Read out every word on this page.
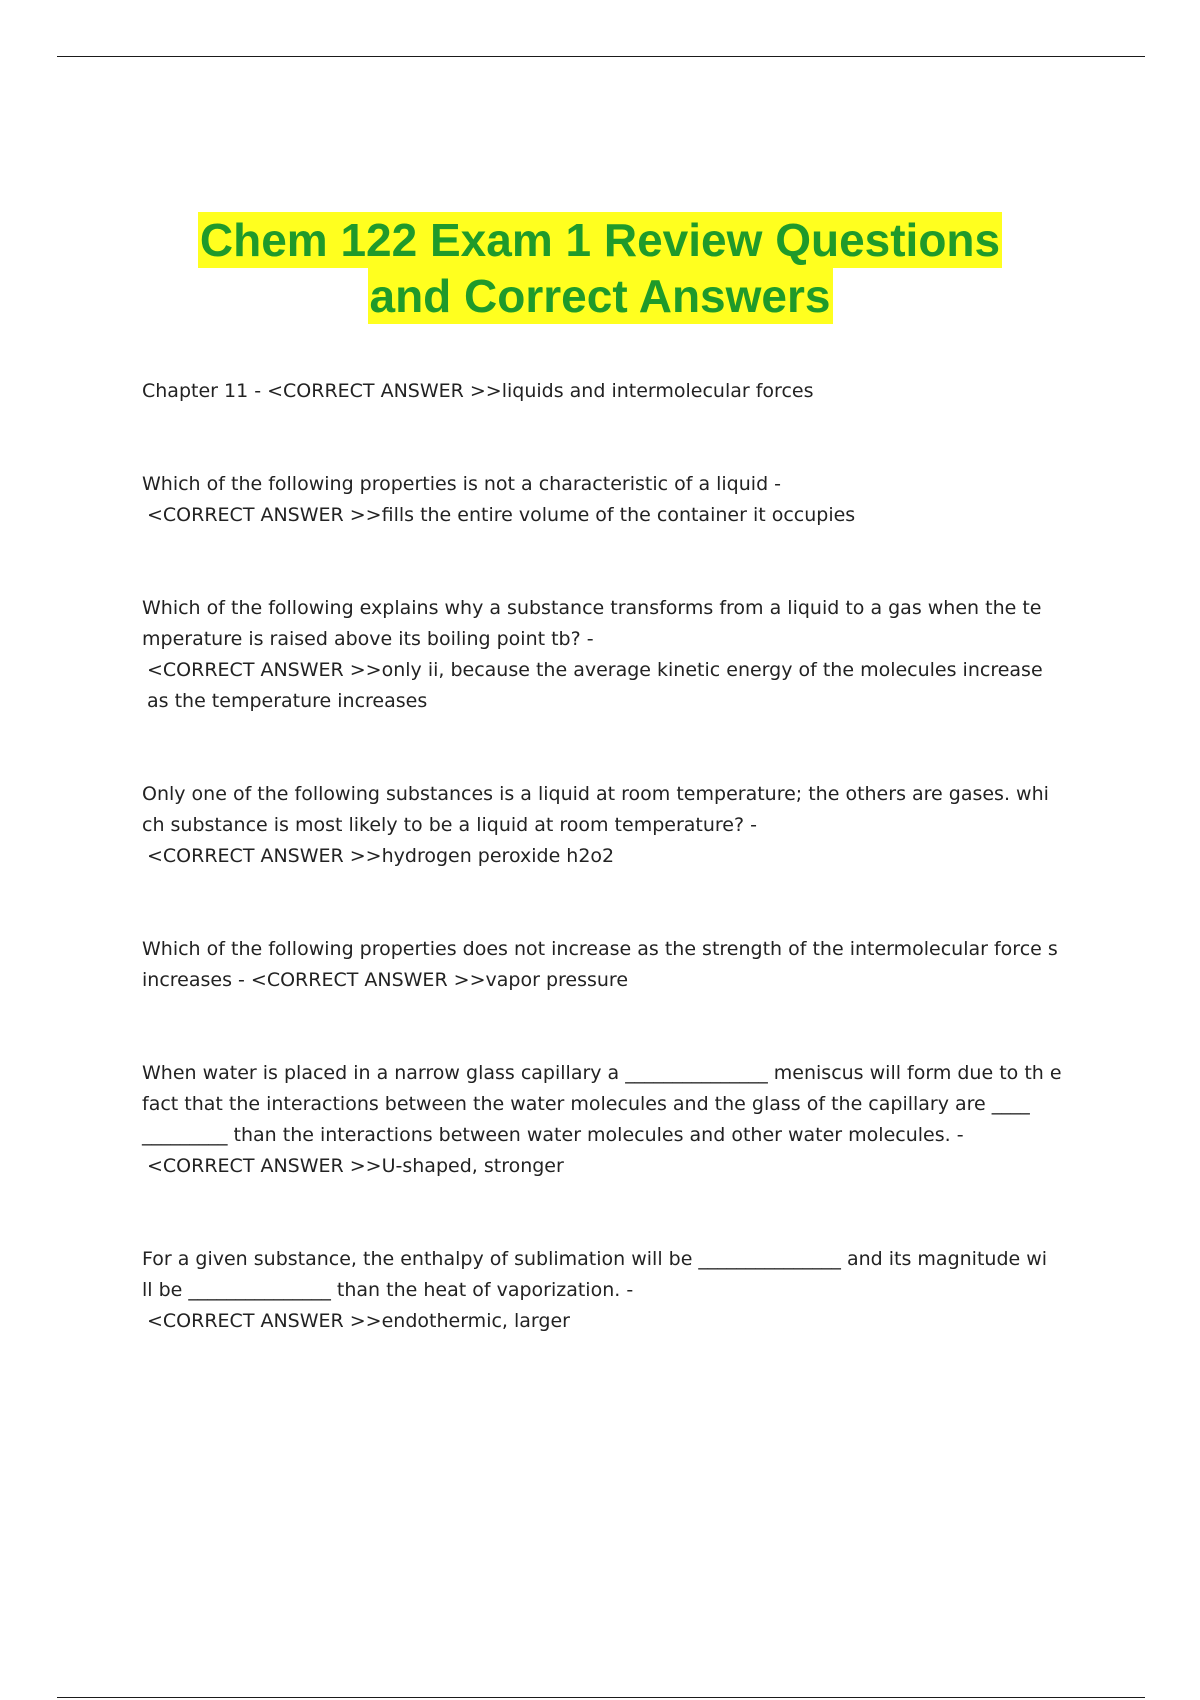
Chem 122 Exam 1 Review Questions
and Correct Answers
Chapter 11 - <CORRECT ANSWER >>liquids and intermolecular forces
Which of the following properties is not a characteristic of a liquid -
<CORRECT ANSWER >>fills the entire volume of the container it occupies
Which of the following explains why a substance transforms from a liquid to a gas when the te mperature is raised above its boiling point tb? -
<CORRECT ANSWER >>only ii, because the average kinetic energy of the molecules increase as the temperature increases
Only one of the following substances is a liquid at room temperature; the others are gases. whi ch substance is most likely to be a liquid at room temperature? -
<CORRECT ANSWER >>hydrogen peroxide h2o2
Which of the following properties does not increase as the strength of the intermolecular force s increases - <CORRECT ANSWER >>vapor pressure
When water is placed in a narrow glass capillary a _______________ meniscus will form due to th e fact that the interactions between the water molecules and the glass of the capillary are ____ _________ than the interactions between water molecules and other water molecules. -
<CORRECT ANSWER >>U-shaped, stronger
For a given substance, the enthalpy of sublimation will be _______________ and its magnitude wi ll be _______________ than the heat of vaporization. -
<CORRECT ANSWER >>endothermic, larger
